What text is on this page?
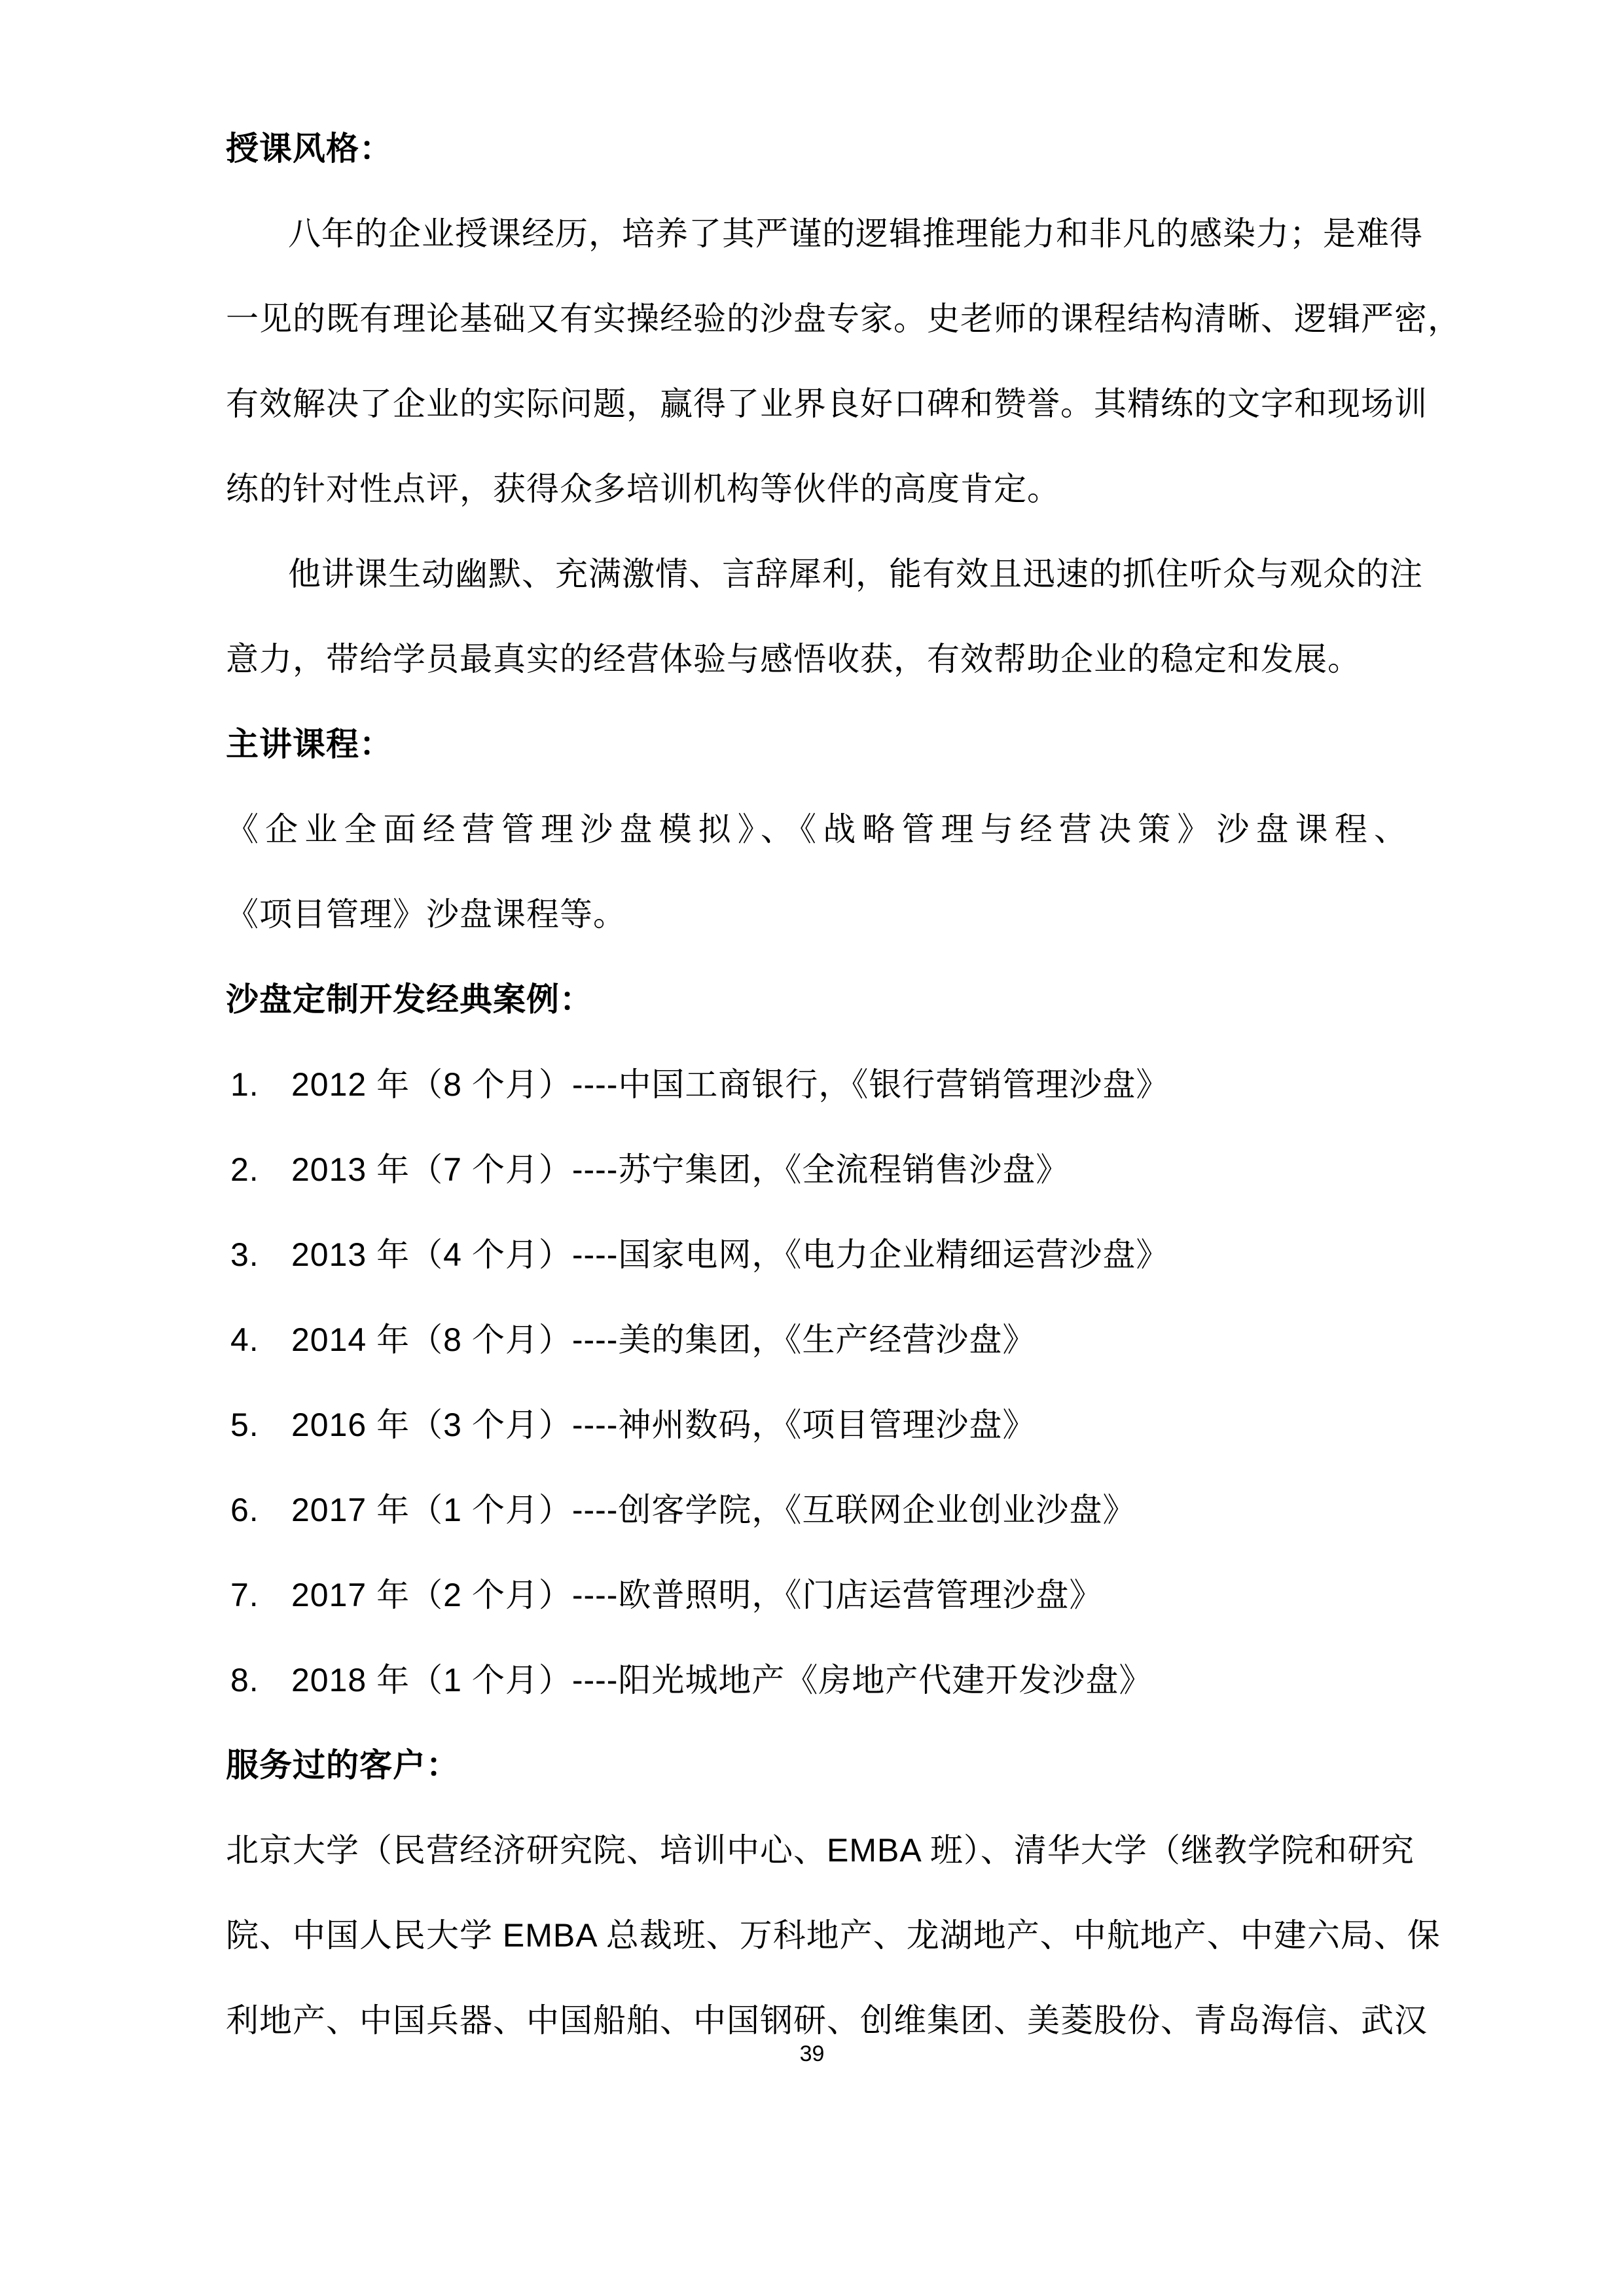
授课风格：
八年的企业授课经历，培养了其严谨的逻辑推理能力和非凡的感染力；是难得
一见的既有理论基础又有实操经验的沙盘专家。史老师的课程结构清晰、逻辑严密，
有效解决了企业的实际问题，赢得了业界良好口碑和赞誉。其精练的文字和现场训
练的针对性点评，获得众多培训机构等伙伴的高度肯定。
他讲课生动幽默、充满激情、言辞犀利，能有效且迅速的抓住听众与观众的注
意力，带给学员最真实的经营体验与感悟收获，有效帮助企业的稳定和发展。
主讲课程：
《企业全面经营管理沙盘模拟》、《战略管理与经营决策》沙盘课程、
《项目管理》沙盘课程等。
沙盘定制开发经典案例：
1. 2012 年（8 个月）----中国工商银行，《银行营销管理沙盘》
2. 2013 年（7 个月）----苏宁集团，《全流程销售沙盘》
3. 2013 年（4 个月）----国家电网，《电力企业精细运营沙盘》
4. 2014 年（8 个月）----美的集团，《生产经营沙盘》
5. 2016 年（3 个月）----神州数码，《项目管理沙盘》
6. 2017 年（1 个月）----创客学院，《互联网企业创业沙盘》
7. 2017 年（2 个月）----欧普照明，《门店运营管理沙盘》
8. 2018 年（1 个月）----阳光城地产《房地产代建开发沙盘》
服务过的客户：
北京大学（民营经济研究院、培训中心、EMBA 班）、清华大学（继教学院和研究
院、中国人民大学 EMBA 总裁班、万科地产、龙湖地产、中航地产、中建六局、保
利地产、中国兵器、中国船舶、中国钢研、创维集团、美菱股份、青岛海信、武汉
39
